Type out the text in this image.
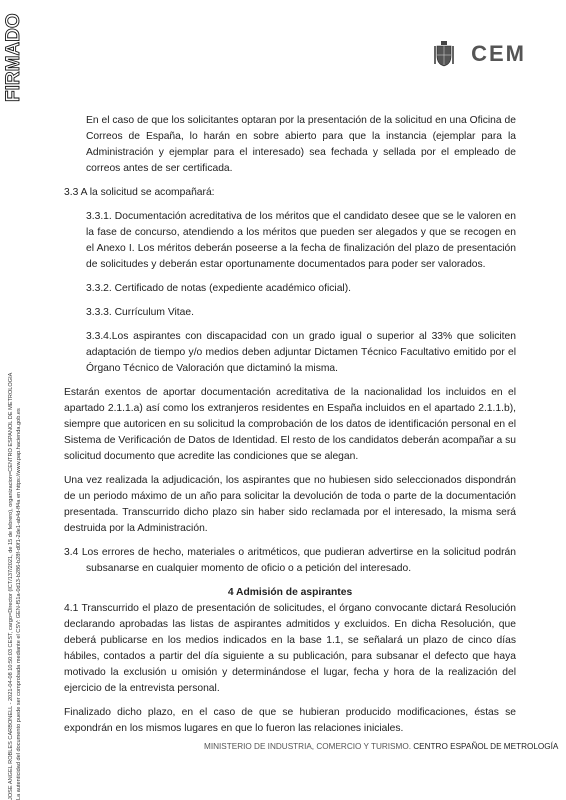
FIRMADO
JOSE ANGEL ROBLES CARBONELL - 2021-04-08 10:50:03 CEST, cargo=Director (ICT/137/2021, de 15 de febrero), organizacion=CENTRO ESPAÑOL DE METROLOGÍA La autenticidad del documento puede ser comprobada mediante el CSV: GEN-f51a-0d13-b286-b28f-d0f1-2de1-ab4d-ff4a en https://www.pap.hacienda.gob.es
CEM

En el caso de que los solicitantes optaran por la presentación de la solicitud en una Oficina de Correos de España, lo harán en sobre abierto para que la instancia (ejemplar para la Administración y ejemplar para el interesado) sea fechada y sellada por el empleado de correos antes de ser certificada.

3.3 A la solicitud se acompañará:

3.3.1. Documentación acreditativa de los méritos que el candidato desee que se le valoren en la fase de concurso, atendiendo a los méritos que pueden ser alegados y que se recogen en el Anexo I. Los méritos deberán poseerse a la fecha de finalización del plazo de presentación de solicitudes y deberán estar oportunamente documentados para poder ser valorados.

3.3.2. Certificado de notas (expediente académico oficial).

3.3.3. Currículum Vitae.

3.3.4.Los aspirantes con discapacidad con un grado igual o superior al 33% que soliciten adaptación de tiempo y/o medios deben adjuntar Dictamen Técnico Facultativo emitido por el Órgano Técnico de Valoración que dictaminó la misma.

Estarán exentos de aportar documentación acreditativa de la nacionalidad los incluidos en el apartado 2.1.1.a) así como los extranjeros residentes en España incluidos en el apartado 2.1.1.b), siempre que autoricen en su solicitud la comprobación de los datos de identificación personal en el Sistema de Verificación de Datos de Identidad. El resto de los candidatos deberán acompañar a su solicitud documento que acredite las condiciones que se alegan.

Una vez realizada la adjudicación, los aspirantes que no hubiesen sido seleccionados dispondrán de un periodo máximo de un año para solicitar la devolución de toda o parte de la documentación presentada. Transcurrido dicho plazo sin haber sido reclamada por el interesado, la misma será destruida por la Administración.

3.4 Los errores de hecho, materiales o aritméticos, que pudieran advertirse en la solicitud podrán subsanarse en cualquier momento de oficio o a petición del interesado.

4 Admisión de aspirantes

4.1 Transcurrido el plazo de presentación de solicitudes, el órgano convocante dictará Resolución declarando aprobadas las listas de aspirantes admitidos y excluidos. En dicha Resolución, que deberá publicarse en los medios indicados en la base 1.1, se señalará un plazo de cinco días hábiles, contados a partir del día siguiente a su publicación, para subsanar el defecto que haya motivado la exclusión u omisión y determinándose el lugar, fecha y hora de la realización del ejercicio de la entrevista personal.

Finalizado dicho plazo, en el caso de que se hubieran producido modificaciones, éstas se expondrán en los mismos lugares en que lo fueron las relaciones iniciales.

MINISTERIO DE INDUSTRIA, COMERCIO Y TURISMO. CENTRO ESPAÑOL DE METROLOGÍA
